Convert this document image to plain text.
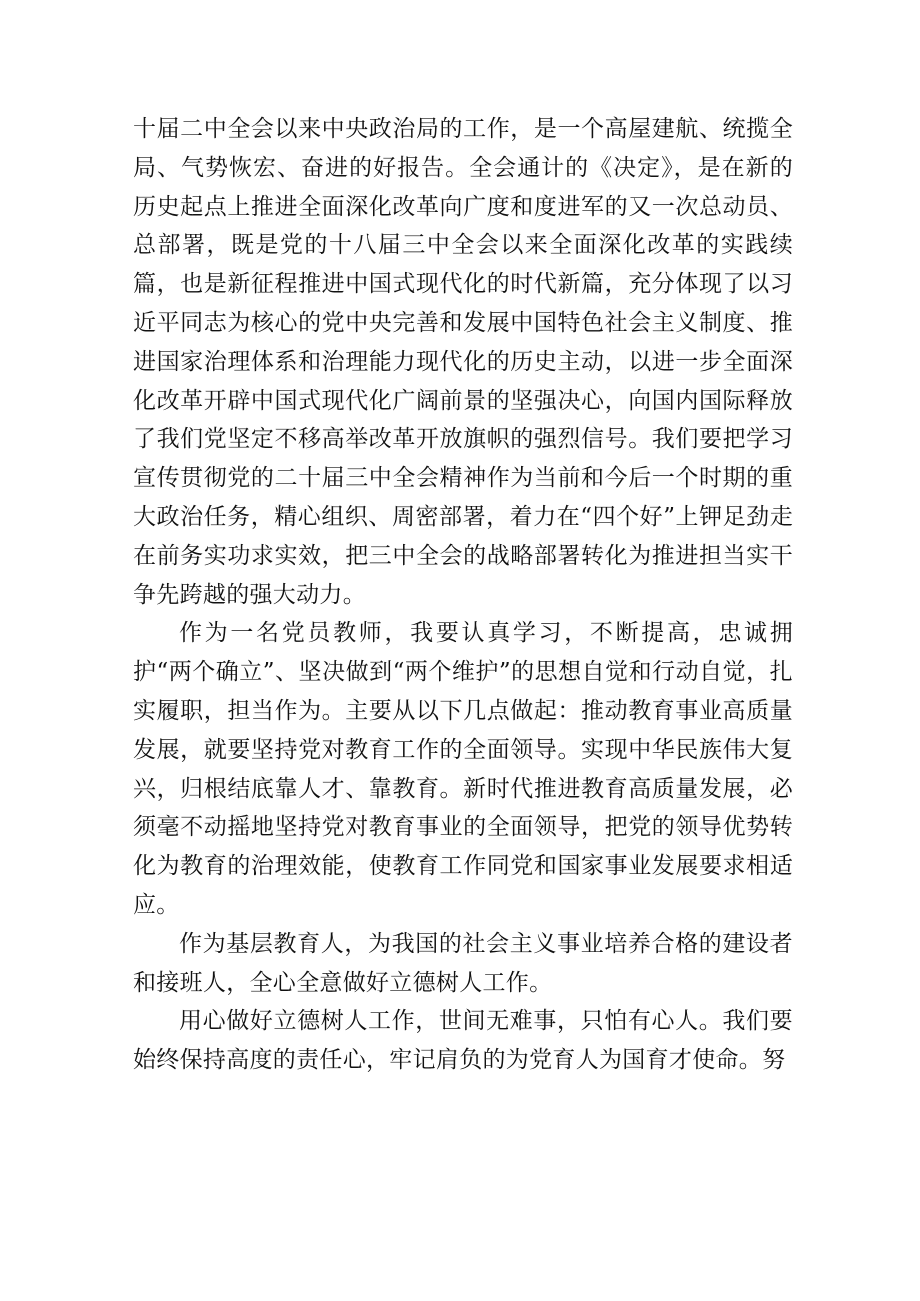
十届二中全会以来中央政治局的工作，是一个高屋建航、统揽全局、气势恢宏、奋进的好报告。全会通计的《决定》，是在新的历史起点上推进全面深化改革向广度和度进军的又一次总动员、总部署，既是党的十八届三中全会以来全面深化改革的实践续篇，也是新征程推进中国式现代化的时代新篇，充分体现了以习近平同志为核心的党中央完善和发展中国特色社会主义制度、推进国家治理体系和治理能力现代化的历史主动，以进一步全面深化改革开辟中国式现代化广阔前景的坚强决心，向国内国际释放了我们党坚定不移高举改革开放旗帜的强烈信号。我们要把学习宣传贯彻党的二十届三中全会精神作为当前和今后一个时期的重大政治任务，精心组织、周密部署，着力在“四个好”上钾足劲走在前务实功求实效，把三中全会的战略部署转化为推进担当实干争先跨越的强大动力。

作为一名党员教师，我要认真学习，不断提高，忠诚拥护“两个确立”、坚决做到“两个维护”的思想自觉和行动自觉，扎实履职，担当作为。主要从以下几点做起：推动教育事业高质量发展，就要坚持党对教育工作的全面领导。实现中华民族伟大复兴，归根结底靠人才、靠教育。新时代推进教育高质量发展，必须毫不动摇地坚持党对教育事业的全面领导，把党的领导优势转化为教育的治理效能，使教育工作同党和国家事业发展要求相适应。

作为基层教育人，为我国的社会主义事业培养合格的建设者和接班人，全心全意做好立德树人工作。

用心做好立德树人工作，世间无难事，只怕有心人。我们要始终保持高度的责任心，牢记肩负的为党育人为国育才使命。努
